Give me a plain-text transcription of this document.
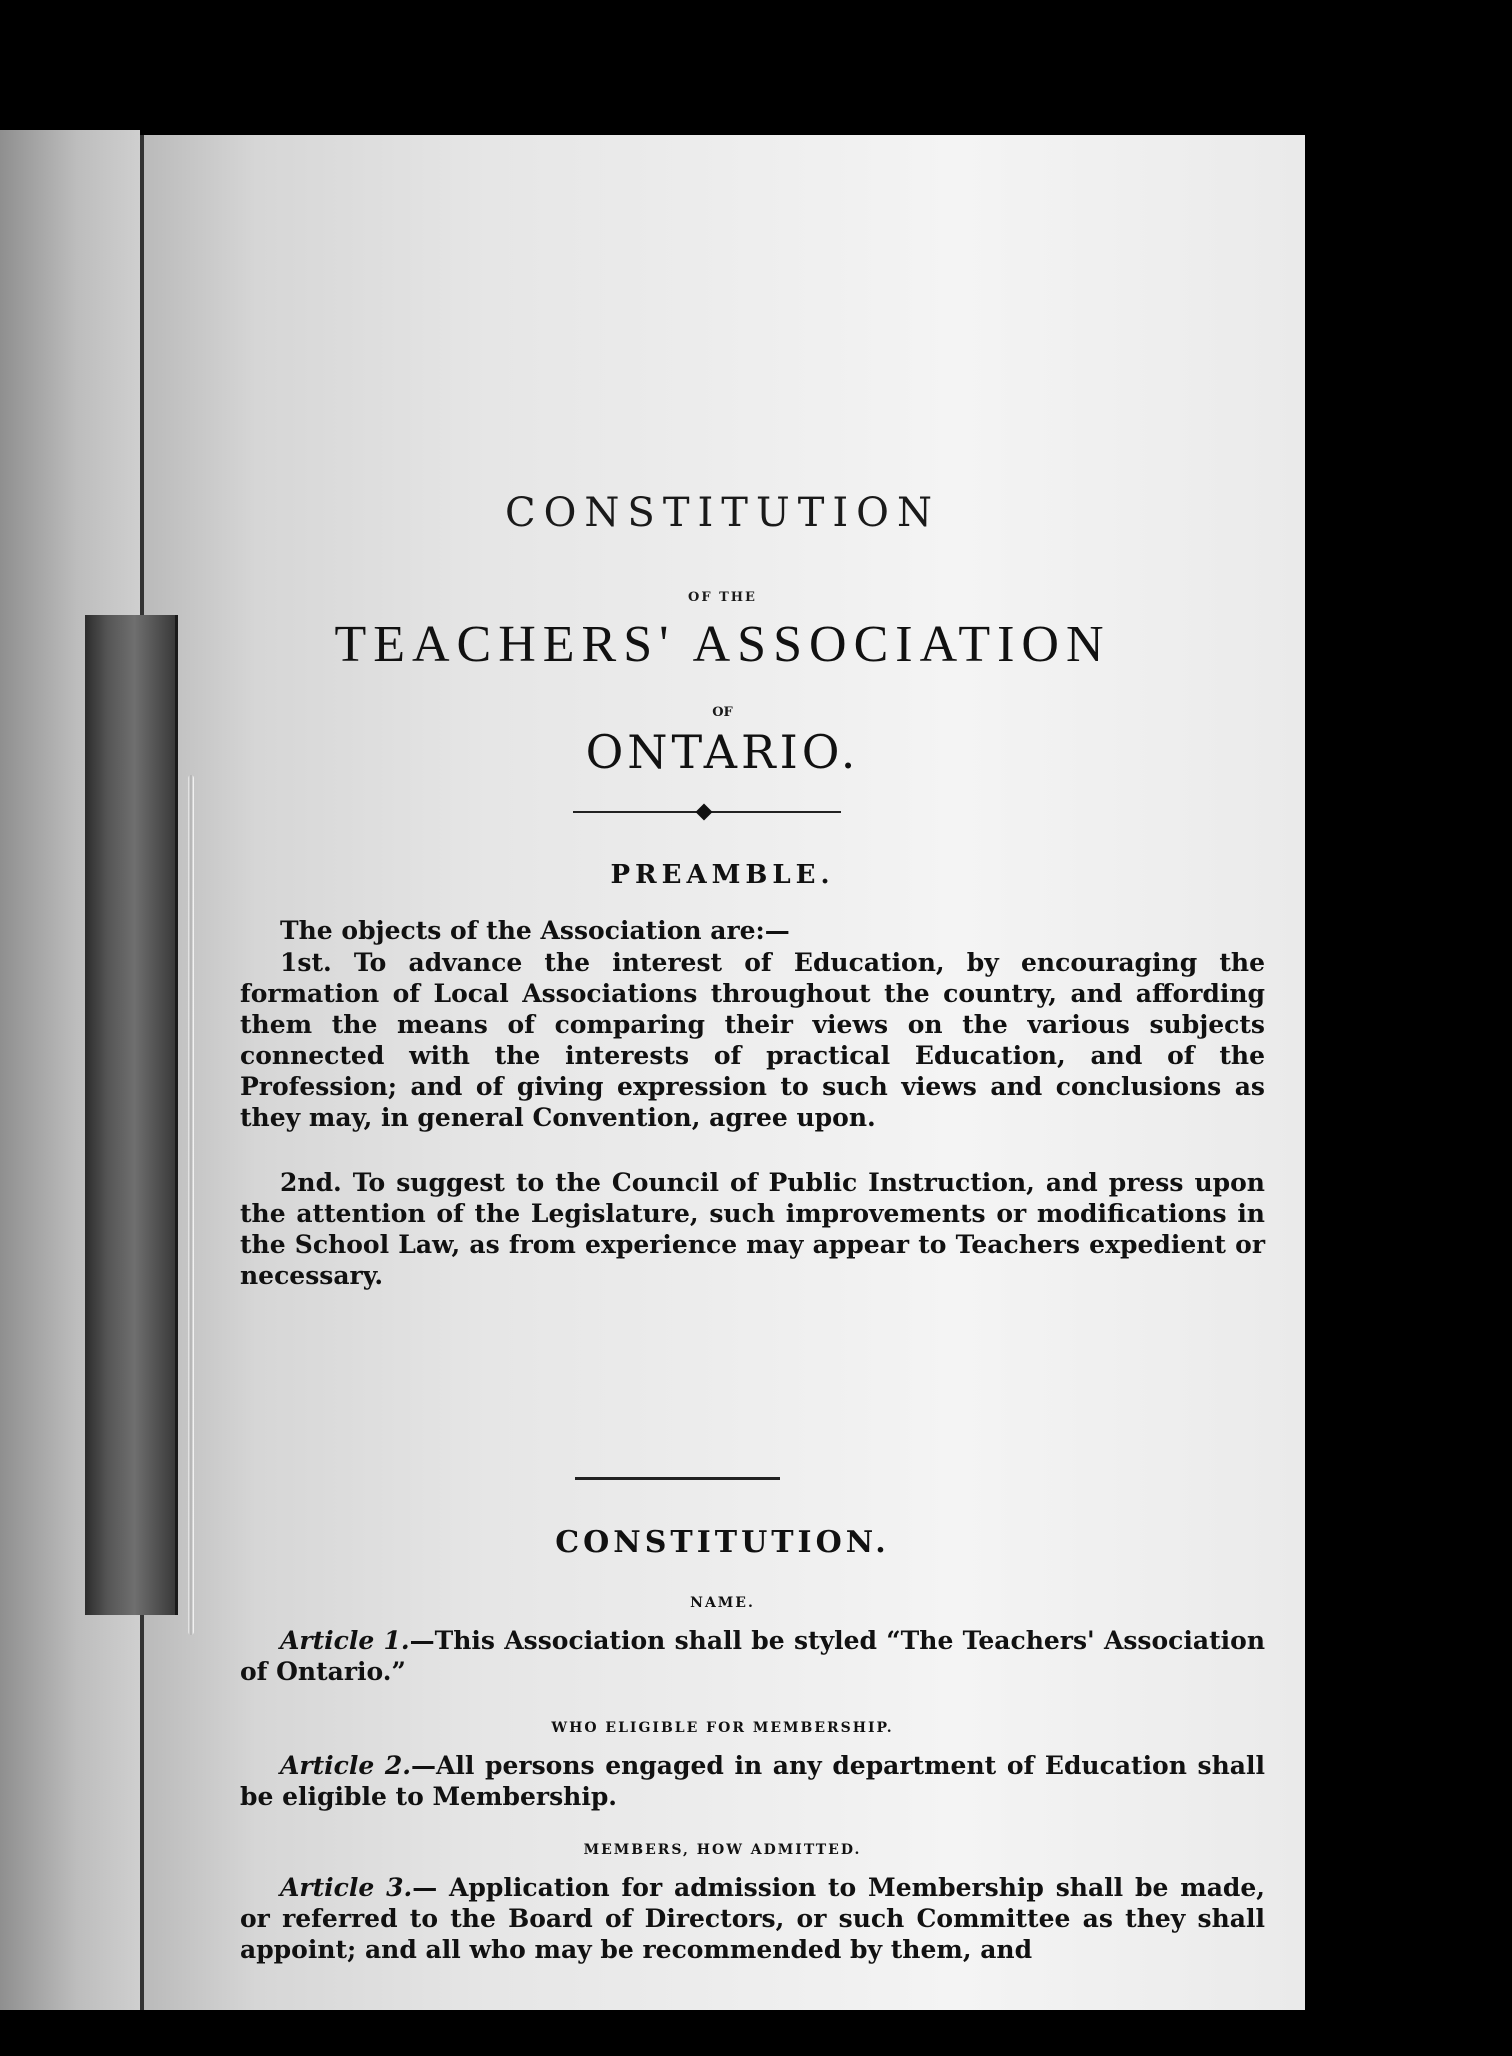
CONSTITUTION
OF THE
TEACHERS' ASSOCIATION
OF
ONTARIO.
PREAMBLE.
The objects of the Association are:—
1st. To advance the interest of Education, by encouraging the formation of Local Associations throughout the country, and affording them the means of comparing their views on the various subjects connected with the interests of practical Education, and of the Profession; and of giving expression to such views and conclusions as they may, in general Convention, agree upon.
2nd. To suggest to the Council of Public Instruction, and press upon the attention of the Legislature, such improvements or modifications in the School Law, as from experience may appear to Teachers expedient or necessary.
CONSTITUTION.
NAME.
Article 1.—This Association shall be styled “The Teachers' Association of Ontario.”
WHO ELIGIBLE FOR MEMBERSHIP.
Article 2.—All persons engaged in any department of Education shall be eligible to Membership.
MEMBERS, HOW ADMITTED.
Article 3.— Application for admission to Membership shall be made, or referred to the Board of Directors, or such Committee as they shall appoint; and all who may be recommended by them, and
